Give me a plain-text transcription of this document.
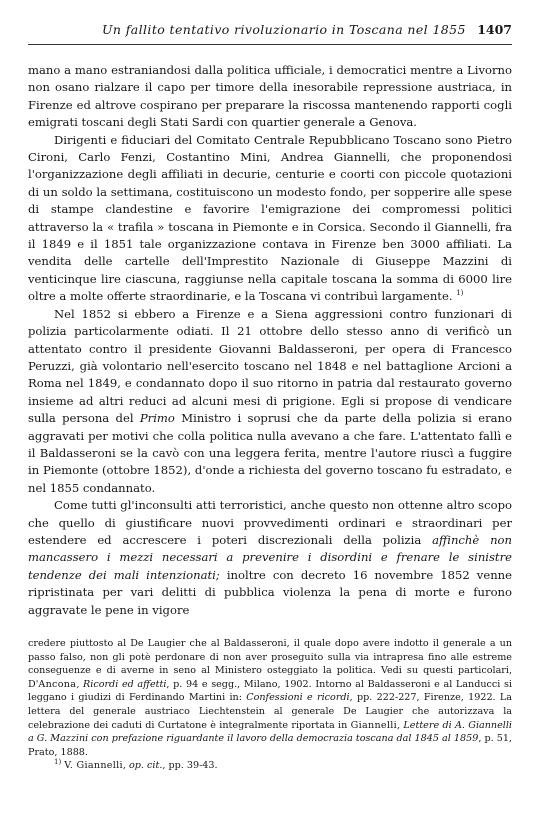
Un fallito tentativo rivoluzionario in Toscana nel 1855 1407

mano a mano estraniandosi dalla politica ufficiale, i democratici mentre a Livorno non osano rialzare il capo per timore della inesorabile repressione austriaca, in Firenze ed altrove cospirano per preparare la riscossa mantenendo rapporti cogli emigrati toscani degli Stati Sardi con quartier generale a Genova.

Dirigenti e fiduciari del Comitato Centrale Repubblicano Toscano sono Pietro Cironi, Carlo Fenzi, Costantino Mini, Andrea Giannelli, che proponendosi l'organizzazione degli affiliati in decurie, centurie e coorti con piccole quotazioni di un soldo la settimana, costituiscono un modesto fondo, per sopperire alle spese di stampe clandestine e favorire l'emigrazione dei compromessi politici attraverso la « trafila » toscana in Piemonte e in Corsica. Secondo il Giannelli, fra il 1849 e il 1851 tale organizzazione contava in Firenze ben 3000 affiliati. La vendita delle cartelle dell'Imprestito Nazionale di Giuseppe Mazzini di venticinque lire ciascuna, raggiunse nella capitale toscana la somma di 6000 lire oltre a molte offerte straordinarie, e la Toscana vi contribuì largamente. $^{1)}$

Nel 1852 si ebbero a Firenze e a Siena aggressioni contro funzionari di polizia particolarmente odiati. Il 21 ottobre dello stesso anno di verificò un attentato contro il presidente Giovanni Baldasseroni, per opera di Francesco Peruzzi, già volontario nell'esercito toscano nel 1848 e nel battaglione Arcioni a Roma nel 1849, e condannato dopo il suo ritorno in patria dal restaurato governo insieme ad altri reduci ad alcuni mesi di prigione. Egli si propose di vendicare sulla persona del Primo Ministro i soprusi che da parte della polizia si erano aggravati per motivi che colla politica nulla avevano a che fare. L'attentato fallì e il Baldasseroni se la cavò con una leggera ferita, mentre l'autore riuscì a fuggire in Piemonte (ottobre 1852), d'onde a richiesta del governo toscano fu estradato, e nel 1855 condannato.

Come tutti gl'inconsulti atti terroristici, anche questo non ottenne altro scopo che quello di giustificare nuovi provvedimenti ordinari e straordinari per estendere ed accrescere i poteri discrezionali della polizia affinchè non mancassero i mezzi necessari a prevenire i disordini e frenare le sinistre tendenze dei mali intenzionati; inoltre con decreto 16 novembre 1852 venne ripristinata per vari delitti di pubblica violenza la pena di morte e furono aggravate le pene in vigore

credere piuttosto al De Laugier che al Baldasseroni, il quale dopo avere indotto il generale a un passo falso, non gli potè perdonare di non aver proseguito sulla via intrapresa fino alle estreme conseguenze e di averne in seno al Ministero osteggiato la politica. Vedi su questi particolari, D'Ancona, Ricordi ed affetti, p. 94 e segg., Milano, 1902. Intorno al Baldasseroni e al Landucci si leggano i giudizi di Ferdinando Martini in: Confessioni e ricordi, pp. 222-227, Firenze, 1922. La lettera del generale austriaco Liechtenstein al generale De Laugier che autorizzava la celebrazione dei caduti di Curtatone è integralmente riportata in Giannelli, Lettere di A. Giannelli a G. Mazzini con prefazione riguardante il lavoro della democrazia toscana dal 1845 al 1859, p. 51, Prato, 1888.

$^{1)}$ V. Giannelli, op. cit., pp. 39-43.
